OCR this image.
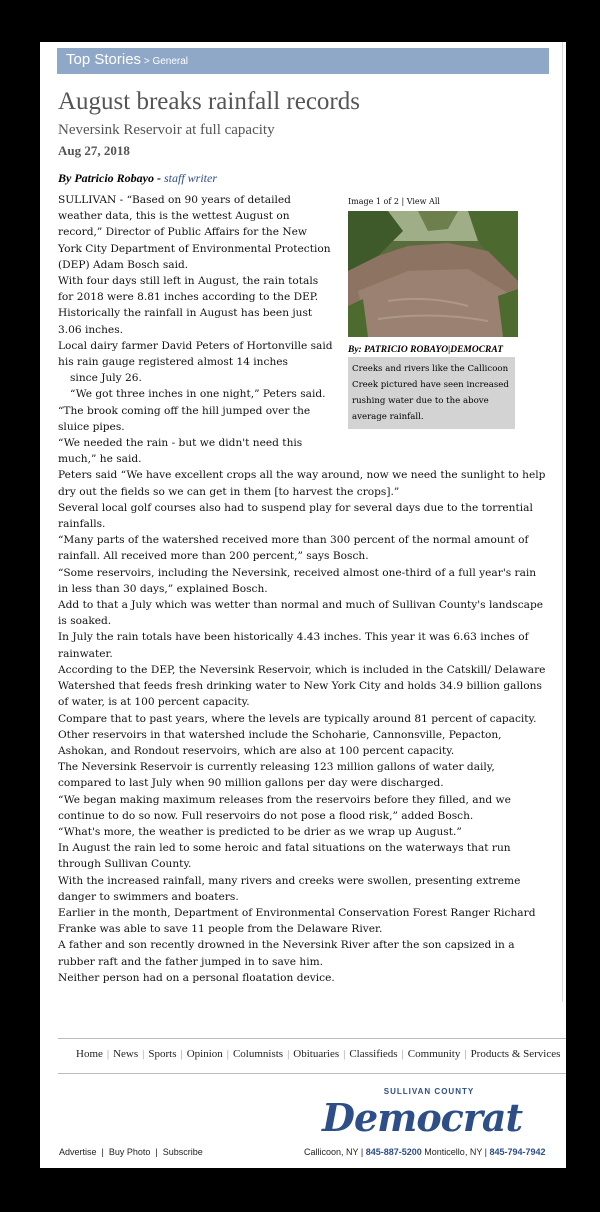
Top Stories > General
August breaks rainfall records
Neversink Reservoir at full capacity
Aug 27, 2018
By Patricio Robayo - staff writer
Image 1 of 2 | View All
By: PATRICIO ROBAYO|DEMOCRAT
Creeks and rivers like the Callicoon Creek pictured have seen increased rushing water due to the above average rainfall.

SULLIVAN - “Based on 90 years of detailed weather data, this is the wettest August on record,” Director of Public Affairs for the New York City Department of Environmental Protection (DEP) Adam Bosch said.

With four days still left in August, the rain totals for 2018 were 8.81 inches according to the DEP. Historically the rainfall in August has been just 3.06 inches.

Local dairy farmer David Peters of Hortonville said his rain gauge registered almost 14 inches

since July 26.

“We got three inches in one night,” Peters said.

“The brook coming off the hill jumped over the sluice pipes.

“We needed the rain - but we didn't need this much,” he said.

Peters said “We have excellent crops all the way around, now we need the sunlight to help dry out the fields so we can get in them [to harvest the crops].”

Several local golf courses also had to suspend play for several days due to the torrential rainfalls.

“Many parts of the watershed received more than 300 percent of the normal amount of rainfall. All received more than 200 percent,” says Bosch.

“Some reservoirs, including the Neversink, received almost one-third of a full year's rain in less than 30 days,” explained Bosch.

Add to that a July which was wetter than normal and much of Sullivan County's landscape is soaked.

In July the rain totals have been historically 4.43 inches. This year it was 6.63 inches of rainwater.

According to the DEP, the Neversink Reservoir, which is included in the Catskill/ Delaware Watershed that feeds fresh drinking water to New York City and holds 34.9 billion gallons of water, is at 100 percent capacity.

Compare that to past years, where the levels are typically around 81 percent of capacity.

Other reservoirs in that watershed include the Schoharie, Cannonsville, Pepacton, Ashokan, and Rondout reservoirs, which are also at 100 percent capacity.

The Neversink Reservoir is currently releasing 123 million gallons of water daily, compared to last July when 90 million gallons per day were discharged.

“We began making maximum releases from the reservoirs before they filled, and we continue to do so now. Full reservoirs do not pose a flood risk,” added Bosch.

“What's more, the weather is predicted to be drier as we wrap up August.”

In August the rain led to some heroic and fatal situations on the waterways that run through Sullivan County.

With the increased rainfall, many rivers and creeks were swollen, presenting extreme danger to swimmers and boaters.

Earlier in the month, Department of Environmental Conservation Forest Ranger Richard Franke was able to save 11 people from the Delaware River.

A father and son recently drowned in the Neversink River after the son capsized in a rubber raft and the father jumped in to save him.

Neither person had on a personal floatation device.

Home | News | Sports | Opinion | Columnists | Obituaries | Classifieds | Community | Products & Services
SULLIVAN COUNTY
Democrat
Advertise | Buy Photo | Subscribe	Callicoon, NY | 845-887-5200 Monticello, NY | 845-794-7942
